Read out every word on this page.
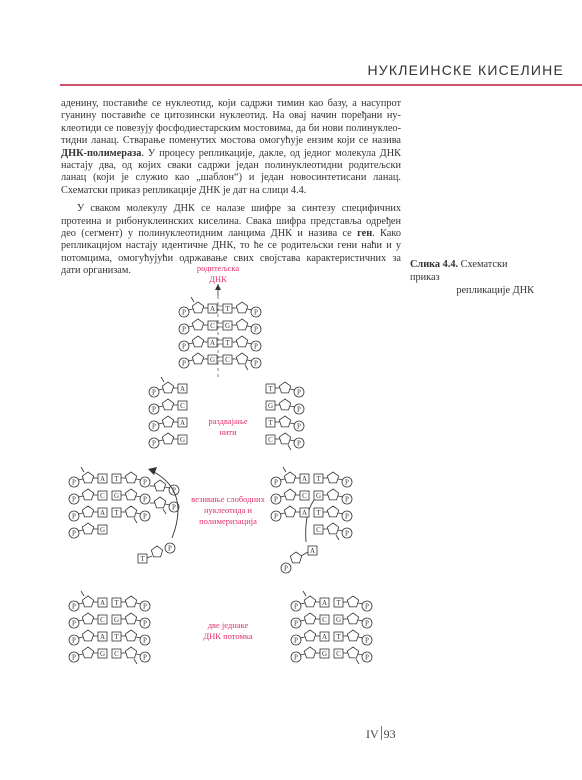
НУКЛЕИНСКЕ КИСЕЛИНЕ

аденину, поставиће се нуклеотид, који садржи тимин као базу, а насупрот гуанину поставиће се цитозински нуклеотид. На овај начин поређани ну- клеотиди се повезују фосфодиестарским мостовима, да би нови полинуклео- тидни ланац. Стварање поменутих мостова омогућује ензим који се назива ДНК-полимераза. У процесу репликације, дакле, од једног молекула ДНК настају два, од којих сваки садржи један полинуклеотидни родитељски ланац (који је служио као „шаблон“) и један новосинтетисани ланац. Схематски приказ репликације ДНК је дат на слици 4.4.

У сваком молекулу ДНК се налазе шифре за синтезу специфичних протеина и рибонуклеинских киселина. Свака шифра представља одређен део (сегмент) у полинуклеотидним ланцима ДНК и назива се ген. Како репликацијом настају идентичне ДНК, то ће се родитељски гени наћи и у потомцима, омогућујући одржавање свих својстава карактеристичних за дати организам.

Слика 4.4. Схематски приказ
репликације ДНК
родитељска
ДНК
P	A
P	C
P	A
P	G
T	P
G	P
T	P
C	P
P	A
P	C
P	A
P	G
T	P
G	P
T	P
C	P
раздвајање
нити
P	A
P	C
P	A
P	G
T	P
G	P
T	P
C	P
P
P
везивање слободних
нуклеотида и
полимеризација
T
P	A
P
P	A
P	C
P	A
P	G
T	P
G	P
T	P
C	P
P	A
P	C
P	A
P	G
T	P
G	P
T	P
C	P
две једнаке
ДНК потомка
T	P
G	P
T	P
P	A
P	C
P	A
IV 93
